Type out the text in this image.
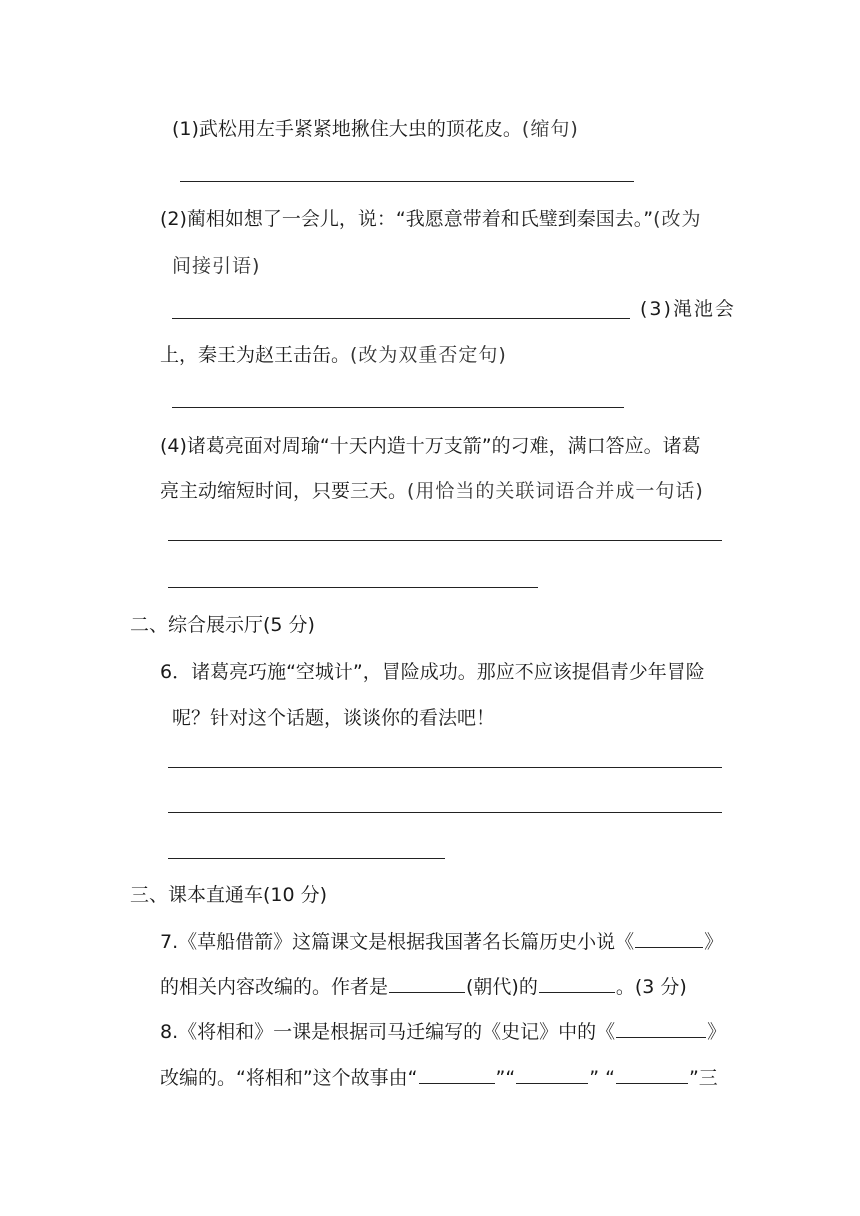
(1)武松用左手紧紧地揪住大虫的顶花皮。(缩句)
(2)蔺相如想了一会儿，说：“我愿意带着和氏璧到秦国去。”(改为
间接引语)
(3)渑池会
上，秦王为赵王击缶。(改为双重否定句)
(4)诸葛亮面对周瑜“十天内造十万支箭”的刁难，满口答应。诸葛
亮主动缩短时间，只要三天。(用恰当的关联词语合并成一句话)
二、综合展示厅(5 分)
6．诸葛亮巧施“空城计”，冒险成功。那应不应该提倡青少年冒险
呢？针对这个话题，谈谈你的看法吧！
三、课本直通车(10 分)
7.《草船借箭》这篇课文是根据我国著名长篇历史小说《	》
的相关内容改编的。作者是	(朝代)的	。(3 分)
8.《将相和》一课是根据司马迁编写的《史记》中的《	》
改编的。“将相和”这个故事由“	”“	” “	”三
